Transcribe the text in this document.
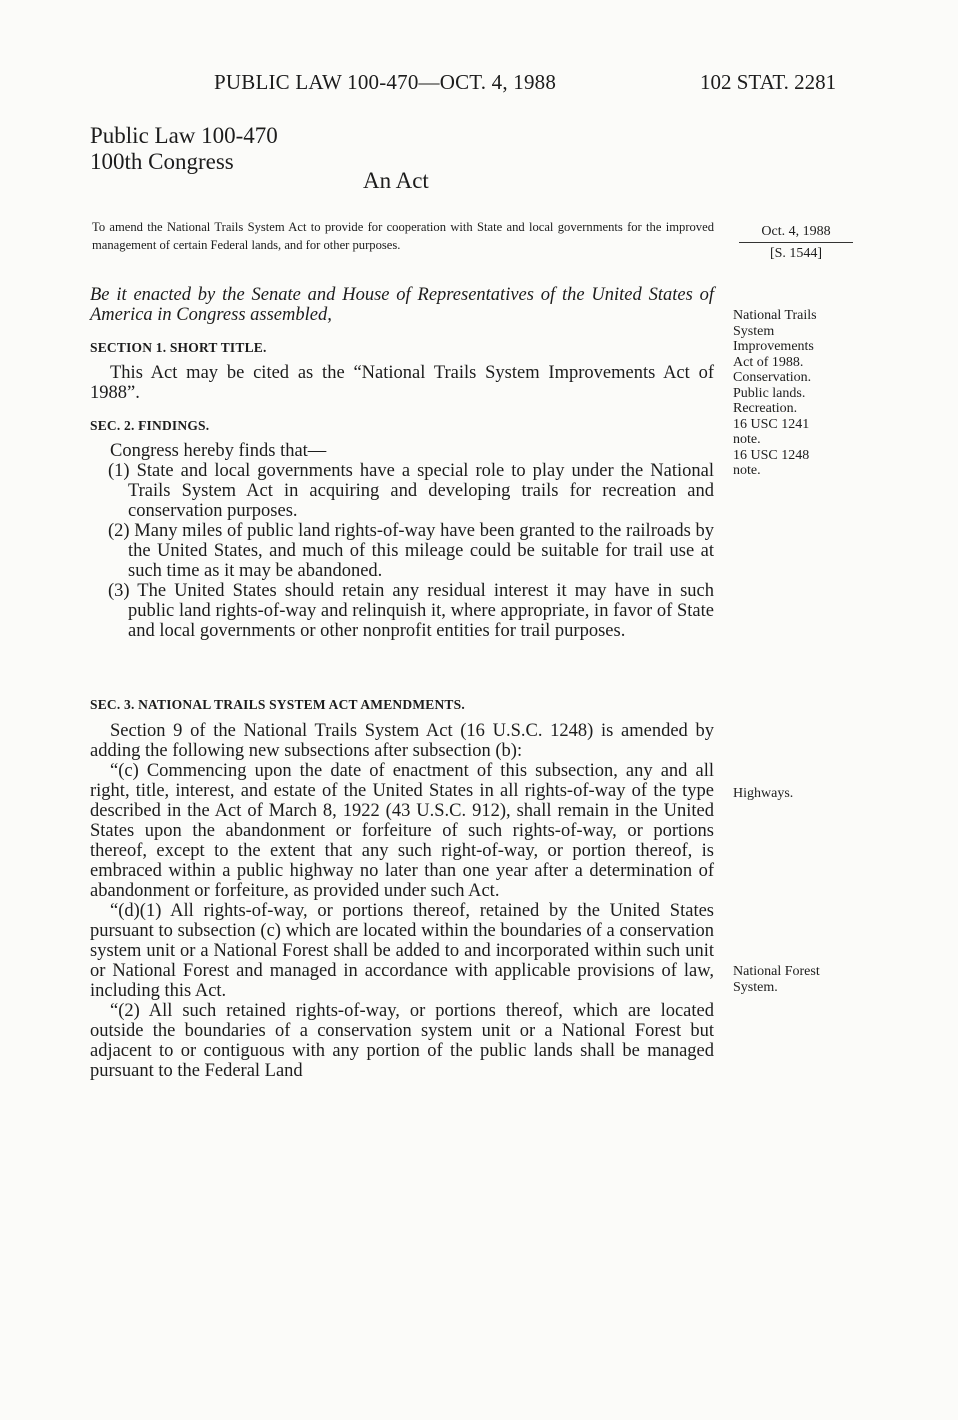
PUBLIC LAW 100-470—OCT. 4, 1988	102 STAT. 2281
Public Law 100-470
100th Congress
An Act
To amend the National Trails System Act to provide for cooperation with State and local governments for the improved management of certain Federal lands, and for other purposes.
Oct. 4, 1988
[S. 1544]
Be it enacted by the Senate and House of Representatives of the United States of America in Congress assembled,
SECTION 1. SHORT TITLE.

This Act may be cited as the “National Trails System Improvements Act of 1988”.

SEC. 2. FINDINGS.

Congress hereby finds that—

(1) State and local governments have a special role to play under the National Trails System Act in acquiring and developing trails for recreation and conservation purposes.

(2) Many miles of public land rights-of-way have been granted to the railroads by the United States, and much of this mileage could be suitable for trail use at such time as it may be abandoned.

(3) The United States should retain any residual interest it may have in such public land rights-of-way and relinquish it, where appropriate, in favor of State and local governments or other nonprofit entities for trail purposes.

SEC. 3. NATIONAL TRAILS SYSTEM ACT AMENDMENTS.

Section 9 of the National Trails System Act (16 U.S.C. 1248) is amended by adding the following new subsections after subsection (b):

“(c) Commencing upon the date of enactment of this subsection, any and all right, title, interest, and estate of the United States in all rights-of-way of the type described in the Act of March 8, 1922 (43 U.S.C. 912), shall remain in the United States upon the abandonment or forfeiture of such rights-of-way, or portions thereof, except to the extent that any such right-of-way, or portion thereof, is embraced within a public highway no later than one year after a determination of abandonment or forfeiture, as provided under such Act.

“(d)(1) All rights-of-way, or portions thereof, retained by the United States pursuant to subsection (c) which are located within the boundaries of a conservation system unit or a National Forest shall be added to and incorporated within such unit or National Forest and managed in accordance with applicable provisions of law, including this Act.

“(2) All such retained rights-of-way, or portions thereof, which are located outside the boundaries of a conservation system unit or a National Forest but adjacent to or contiguous with any portion of the public lands shall be managed pursuant to the Federal Land

National Trails
System
Improvements
Act of 1988.
Conservation.
Public lands.
Recreation.
16 USC 1241
note.
16 USC 1248
note.
Highways.
National Forest
System.
